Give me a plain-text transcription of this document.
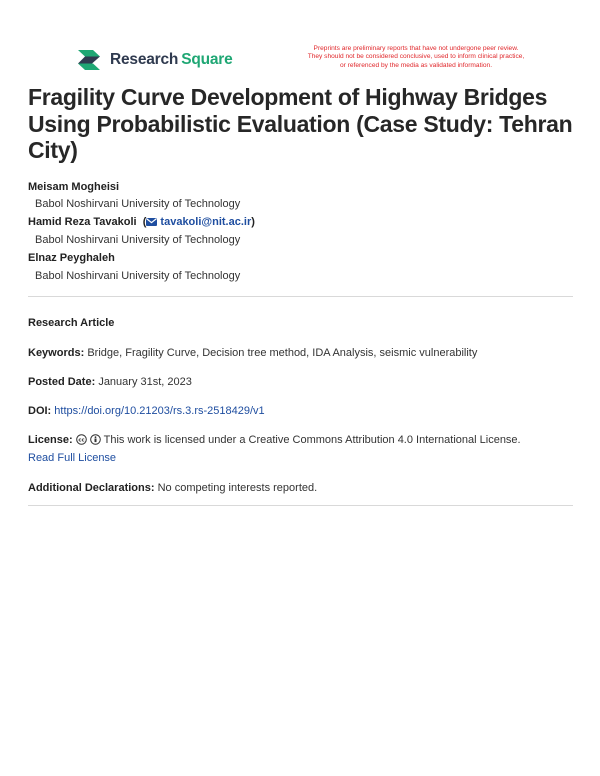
Research Square
Preprints are preliminary reports that have not undergone peer review.
They should not be considered conclusive, used to inform clinical practice,
or referenced by the media as validated information.
Fragility Curve Development of Highway Bridges Using Probabilistic Evaluation (Case Study: Tehran City)
Meisam Mogheisi
Babol Noshirvani University of Technology
Hamid Reza Tavakoli  ( tavakoli@nit.ac.ir)
Babol Noshirvani University of Technology
Elnaz Peyghaleh
Babol Noshirvani University of Technology
Research Article
Keywords: Bridge, Fragility Curve, Decision tree method, IDA Analysis, seismic vulnerability
Posted Date: January 31st, 2023
DOI: https://doi.org/10.21203/rs.3.rs-2518429/v1
License: cc This work is licensed under a Creative Commons Attribution 4.0 International License.
Read Full License
Additional Declarations: No competing interests reported.
